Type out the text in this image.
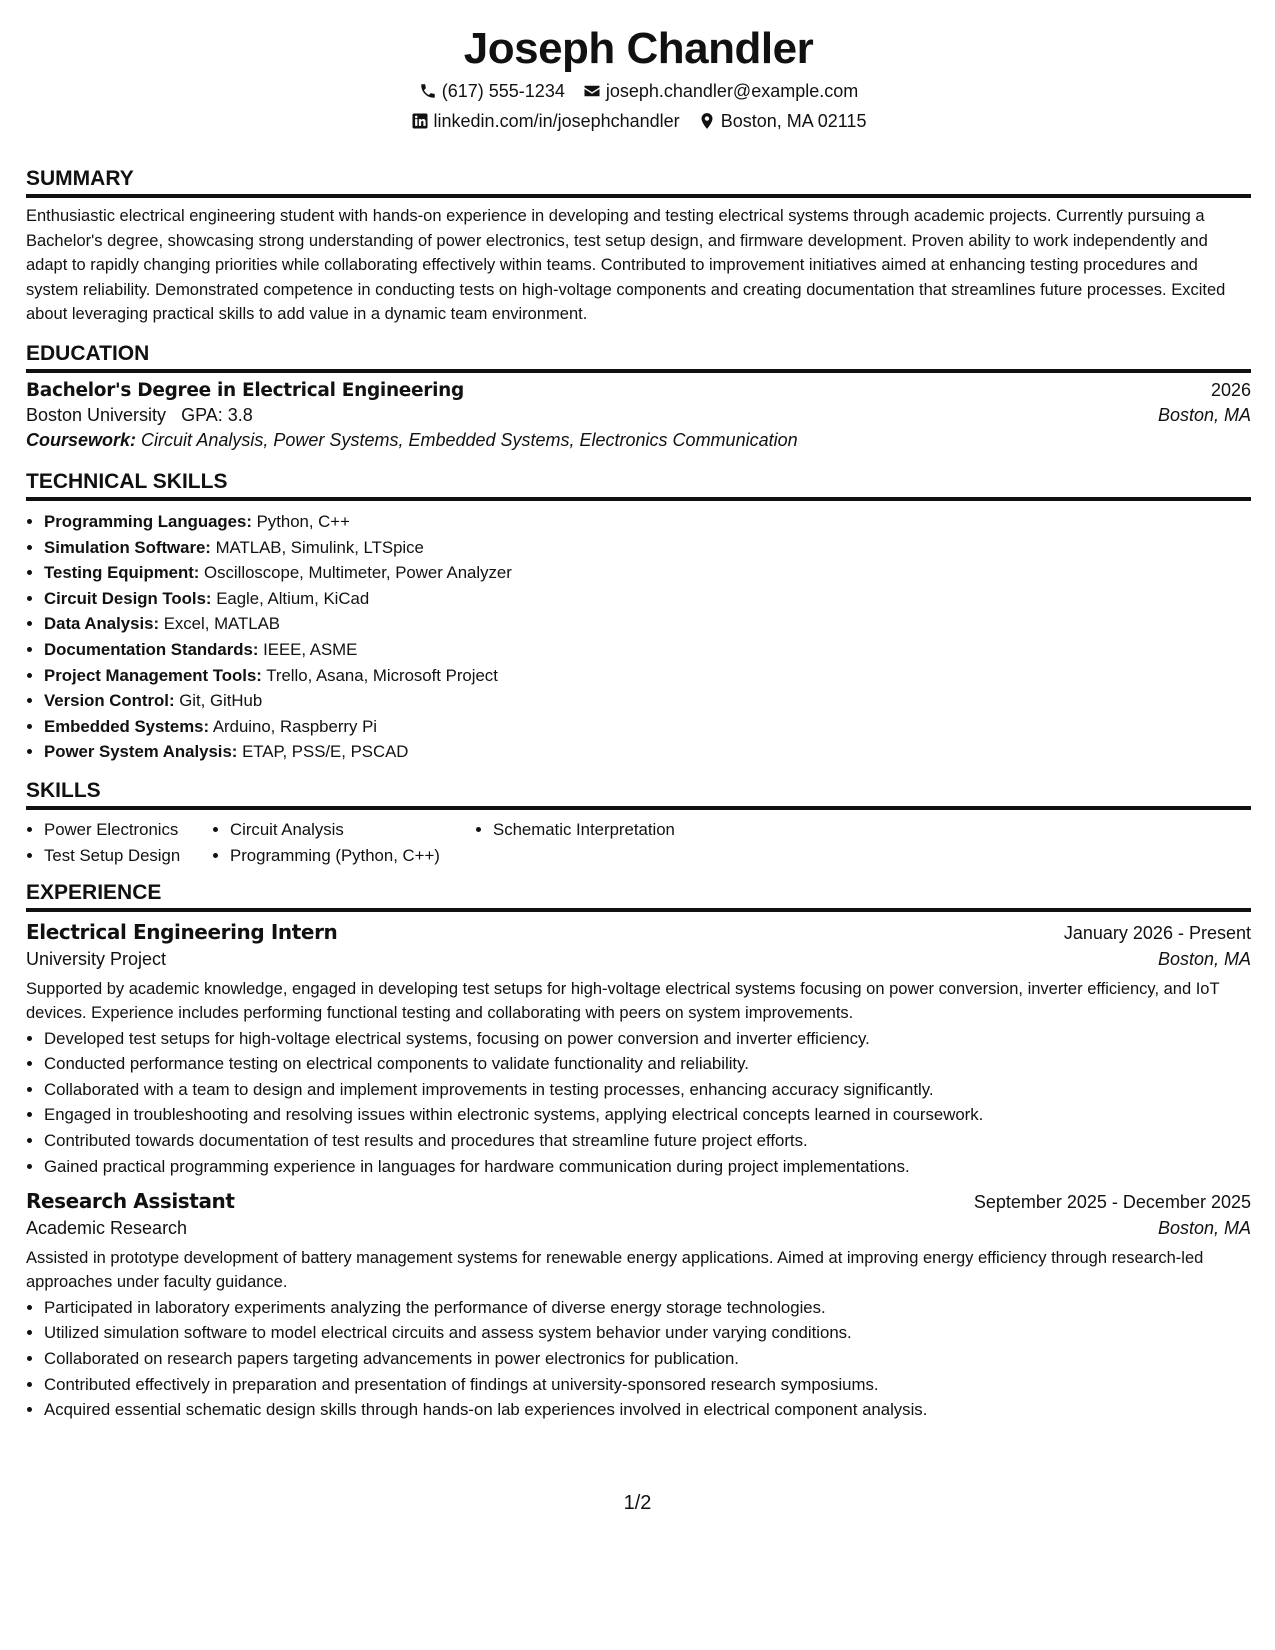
Joseph Chandler
(617) 555-1234 joseph.chandler@example.com
linkedin.com/in/josephchandler Boston, MA 02115
SUMMARY

Enthusiastic electrical engineering student with hands-on experience in developing and testing electrical systems through academic projects. Currently pursuing a Bachelor's degree, showcasing strong understanding of power electronics, test setup design, and firmware development. Proven ability to work independently and adapt to rapidly changing priorities while collaborating effectively within teams. Contributed to improvement initiatives aimed at enhancing testing procedures and system reliability. Demonstrated competence in conducting tests on high-voltage components and creating documentation that streamlines future processes. Excited about leveraging practical skills to add value in a dynamic team environment.

EDUCATION
Bachelor's Degree in Electrical Engineering	2026
Boston University GPA: 3.8	Boston, MA
Coursework: Circuit Analysis, Power Systems, Embedded Systems, Electronics Communication
TECHNICAL SKILLS
• Programming Languages: Python, C++
• Simulation Software: MATLAB, Simulink, LTSpice
• Testing Equipment: Oscilloscope, Multimeter, Power Analyzer
• Circuit Design Tools: Eagle, Altium, KiCad
• Data Analysis: Excel, MATLAB
• Documentation Standards: IEEE, ASME
• Project Management Tools: Trello, Asana, Microsoft Project
• Version Control: Git, GitHub
• Embedded Systems: Arduino, Raspberry Pi
• Power System Analysis: ETAP, PSS/E, PSCAD
SKILLS
• Power Electronics
• Test Setup Design
• Circuit Analysis
• Programming (Python, C++)
• Schematic Interpretation
EXPERIENCE
Electrical Engineering Intern	January 2026 - Present
University Project	Boston, MA

Supported by academic knowledge, engaged in developing test setups for high-voltage electrical systems focusing on power conversion, inverter efficiency, and IoT devices. Experience includes performing functional testing and collaborating with peers on system improvements.

• Developed test setups for high-voltage electrical systems, focusing on power conversion and inverter efficiency.
• Conducted performance testing on electrical components to validate functionality and reliability.
• Collaborated with a team to design and implement improvements in testing processes, enhancing accuracy significantly.
• Engaged in troubleshooting and resolving issues within electronic systems, applying electrical concepts learned in coursework.
• Contributed towards documentation of test results and procedures that streamline future project efforts.
• Gained practical programming experience in languages for hardware communication during project implementations.
Research Assistant	September 2025 - December 2025
Academic Research	Boston, MA

Assisted in prototype development of battery management systems for renewable energy applications. Aimed at improving energy efficiency through research-led approaches under faculty guidance.

• Participated in laboratory experiments analyzing the performance of diverse energy storage technologies.
• Utilized simulation software to model electrical circuits and assess system behavior under varying conditions.
• Collaborated on research papers targeting advancements in power electronics for publication.
• Contributed effectively in preparation and presentation of findings at university-sponsored research symposiums.
• Acquired essential schematic design skills through hands-on lab experiences involved in electrical component analysis.
1/2
